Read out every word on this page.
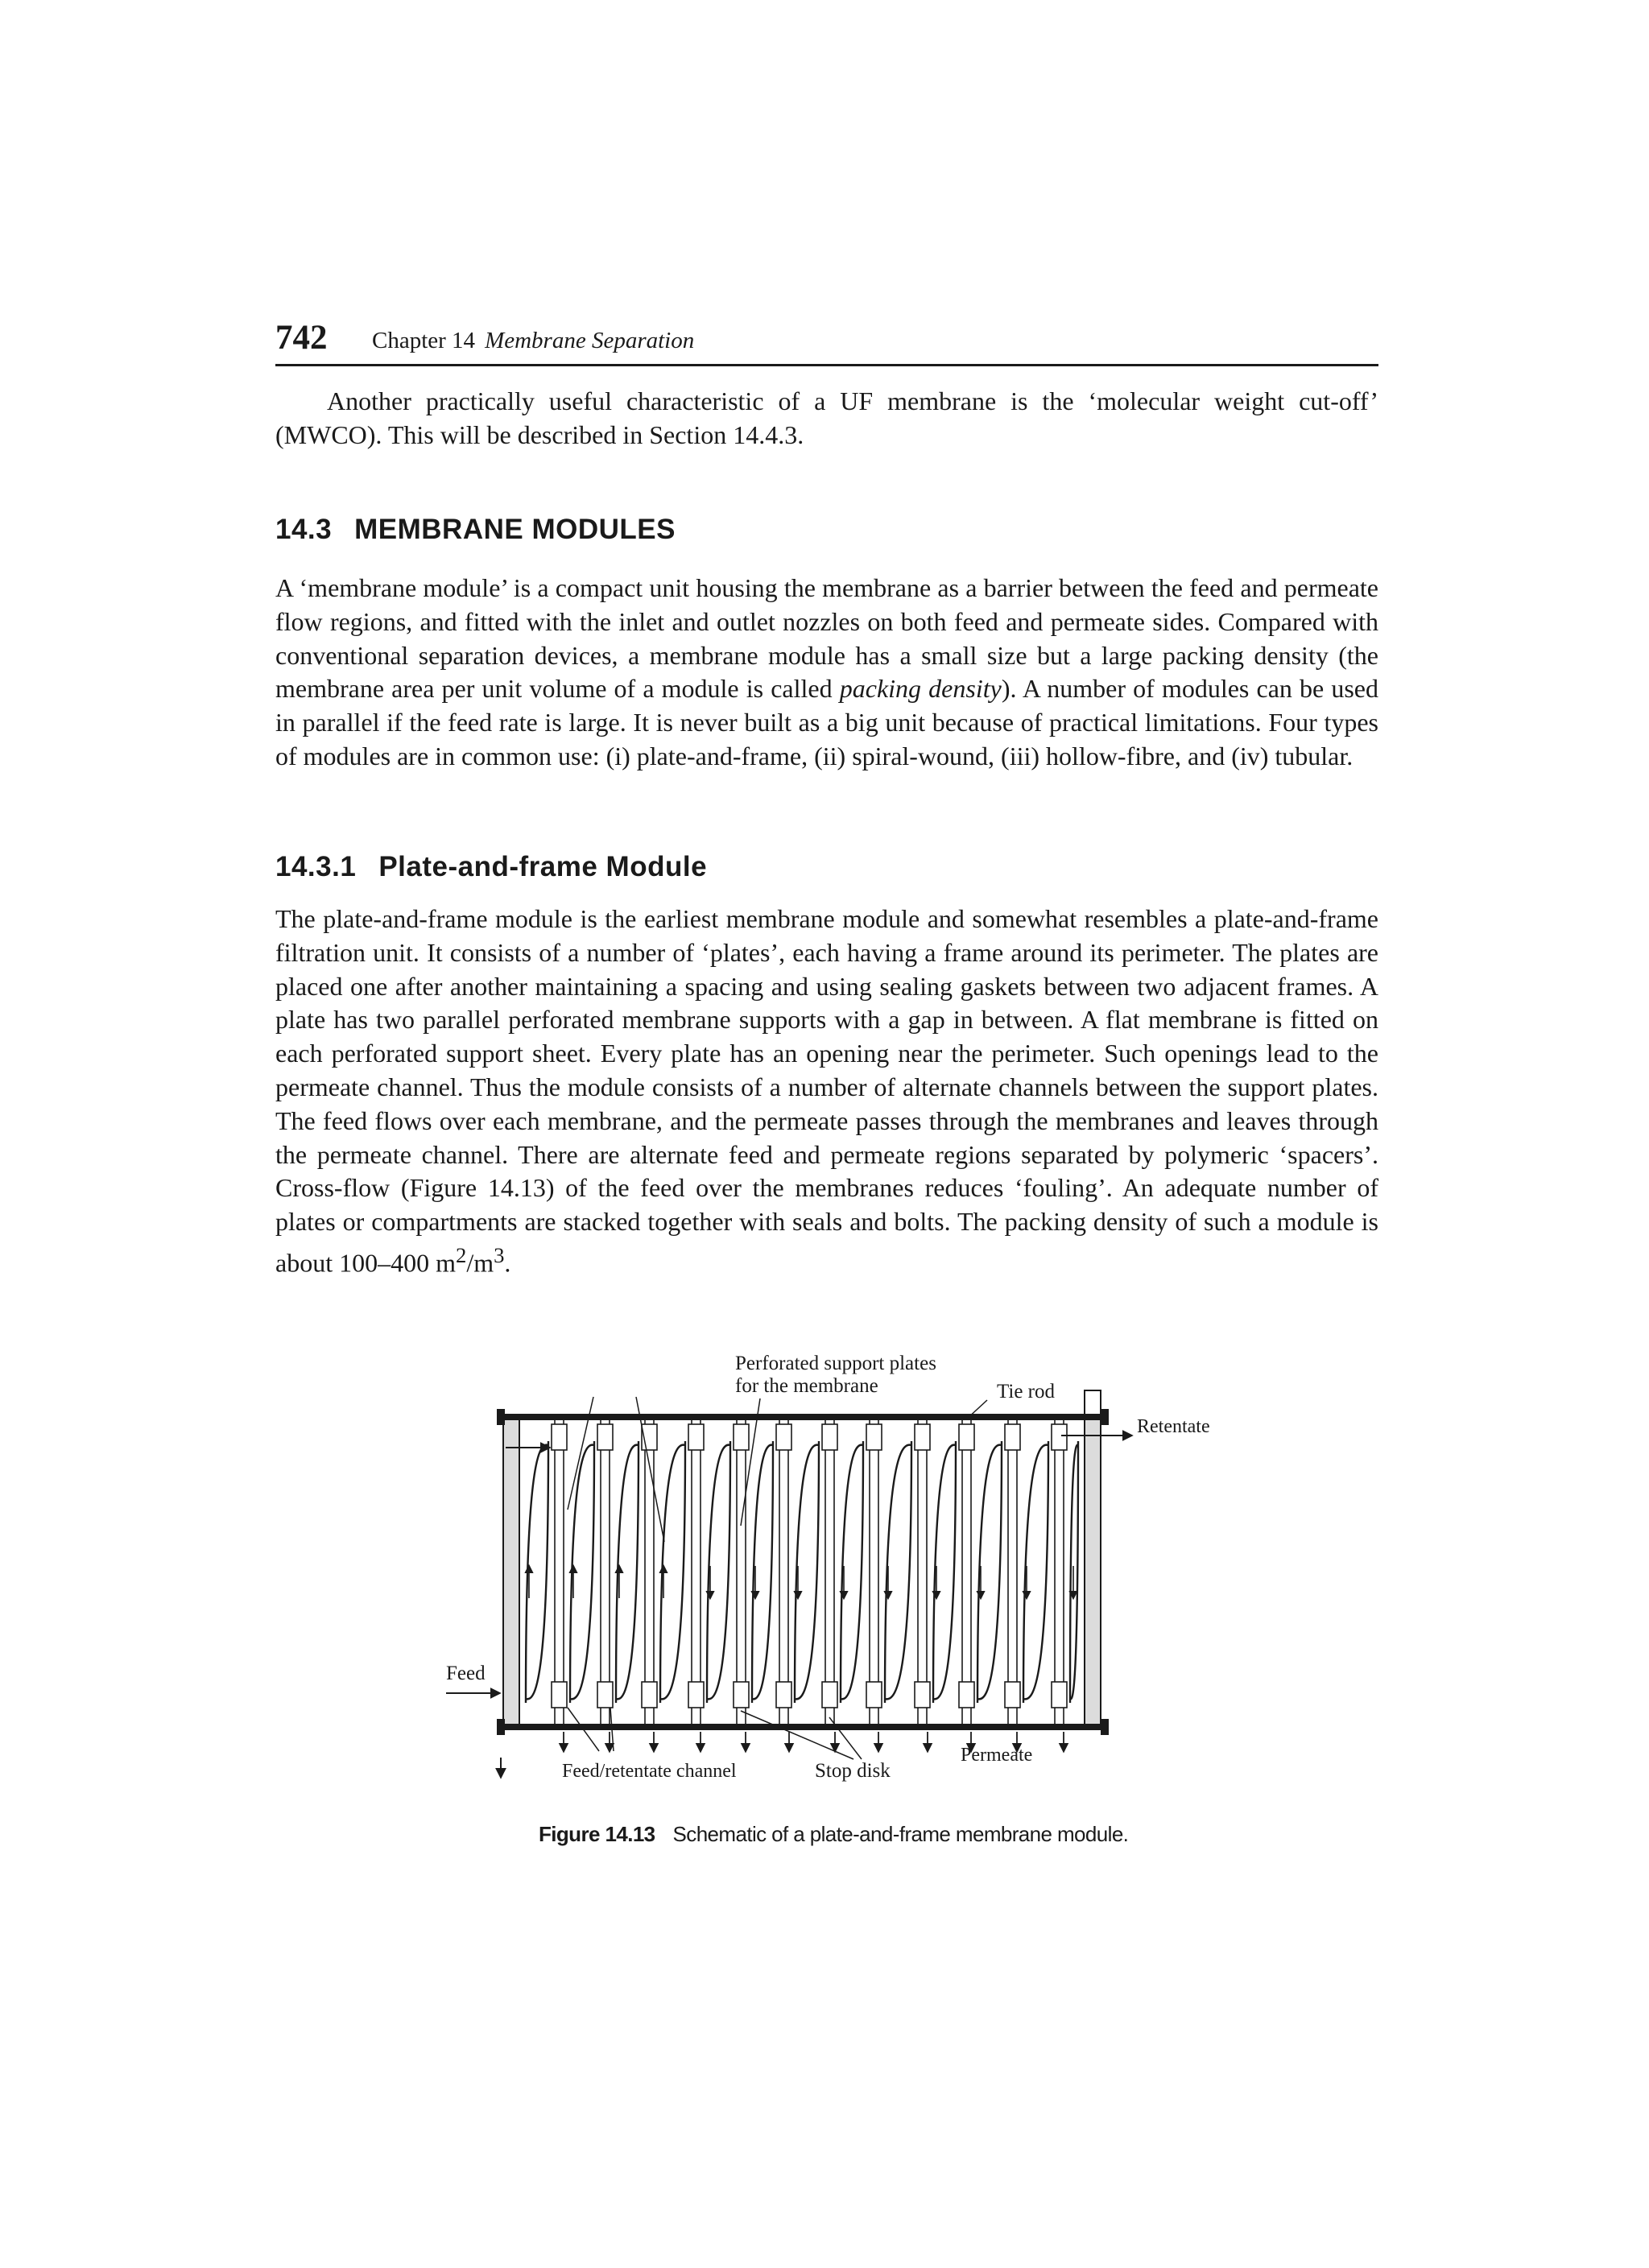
742 Chapter 14 Membrane Separation

Another practically useful characteristic of a UF membrane is the ‘molecular weight cut-off’ (MWCO). This will be described in Section 14.4.3.

14.3 MEMBRANE MODULES

A ‘membrane module’ is a compact unit housing the membrane as a barrier between the feed and permeate flow regions, and fitted with the inlet and outlet nozzles on both feed and permeate sides. Compared with conventional separation devices, a membrane module has a small size but a large packing density (the membrane area per unit volume of a module is called packing density). A number of modules can be used in parallel if the feed rate is large. It is never built as a big unit because of practical limitations. Four types of modules are in common use: (i) plate-and-frame, (ii) spiral-wound, (iii) hollow-fibre, and (iv) tubular.

14.3.1 Plate-and-frame Module

The plate-and-frame module is the earliest membrane module and somewhat resembles a plate-and-frame filtration unit. It consists of a number of ‘plates’, each having a frame around its perimeter. The plates are placed one after another maintaining a spacing and using sealing gaskets between two adjacent frames. A plate has two parallel perforated membrane supports with a gap in between. A flat membrane is fitted on each perforated support sheet. Every plate has an opening near the perimeter. Such openings lead to the permeate channel. Thus the module consists of a number of alternate channels between the support plates. The feed flows over each membrane, and the permeate passes through the membranes and leaves through the permeate channel. There are alternate feed and permeate regions separated by polymeric ‘spacers’. Cross-flow (Figure 14.13) of the feed over the membranes reduces ‘fouling’. An adequate number of plates or compartments are stacked together with seals and bolts. The packing density of such a module is about 100–400 $m^2/m^3$.

Perforated support plates
for the membrane	Tie rod
Retentate
Feed
Feed/retentate channel	Stop disk
Permeate
Figure 14.13 Schematic of a plate-and-frame membrane module.
